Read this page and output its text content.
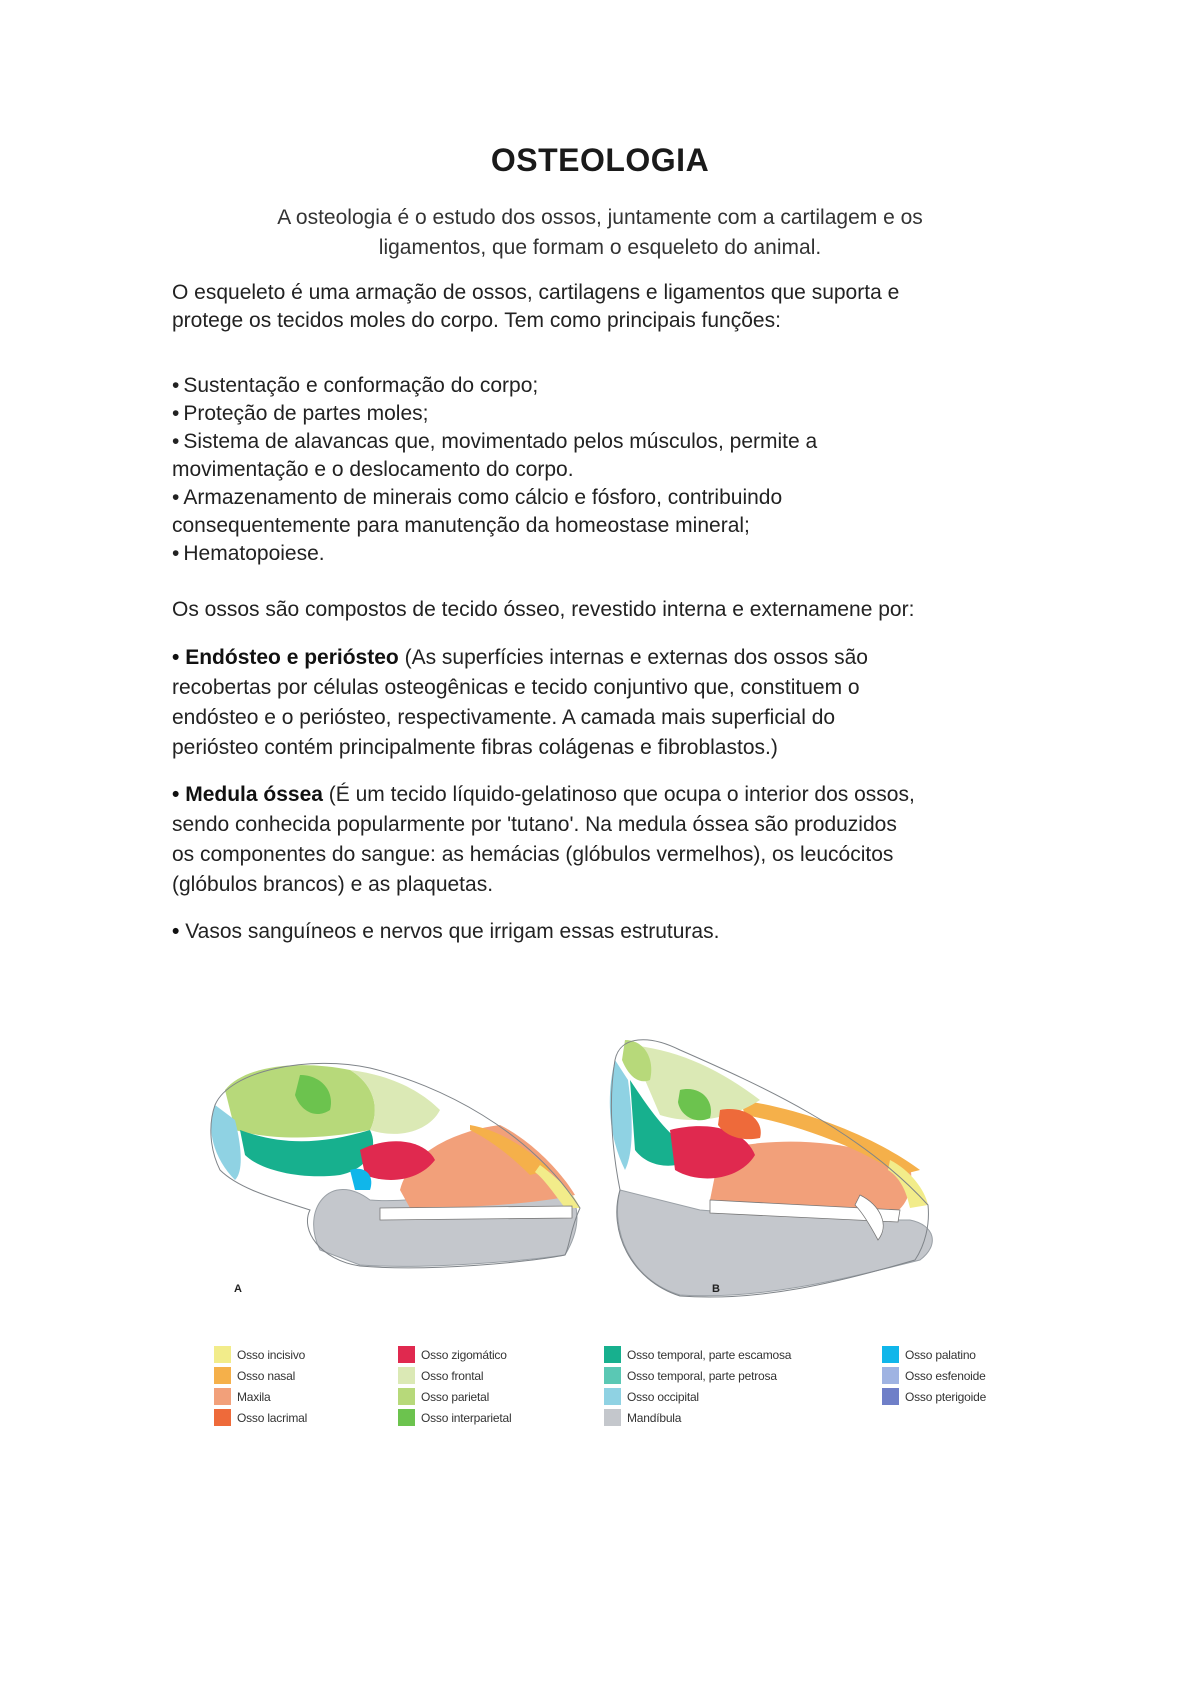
OSTEOLOGIA

A osteologia é o estudo dos ossos, juntamente com a cartilagem e os
ligamentos, que formam o esqueleto do animal.

O esqueleto é uma armação de ossos, cartilagens e ligamentos que suporta e
protege os tecidos moles do corpo. Tem como principais funções:

• Sustentação e conformação do corpo;
• Proteção de partes moles;
• Sistema de alavancas que, movimentado pelos músculos, permite a
movimentação e o deslocamento do corpo.
• Armazenamento de minerais como cálcio e fósforo, contribuindo
consequentemente para manutenção da homeostase mineral;
• Hematopoiese.

Os ossos são compostos de tecido ósseo, revestido interna e externamene por:

• Endósteo e periósteo (As superfícies internas e externas dos ossos são
recobertas por células osteogênicas e tecido conjuntivo que, constituem o
endósteo e o periósteo, respectivamente. A camada mais superficial do
periósteo contém principalmente fibras colágenas e fibroblastos.)
• Medula óssea (É um tecido líquido-gelatinoso que ocupa o interior dos ossos,
sendo conhecida popularmente por 'tutano'. Na medula óssea são produzidos
os componentes do sangue: as hemácias (glóbulos vermelhos), os leucócitos
(glóbulos brancos) e as plaquetas.

• Vasos sanguíneos e nervos que irrigam essas estruturas.

A	B
Osso incisivo
Osso nasal
Maxila
Osso lacrimal
Osso zigomático
Osso frontal
Osso parietal
Osso interparietal
Osso temporal, parte escamosa
Osso temporal, parte petrosa
Osso occipital
Mandíbula
Osso palatino
Osso esfenoide
Osso pterigoide
